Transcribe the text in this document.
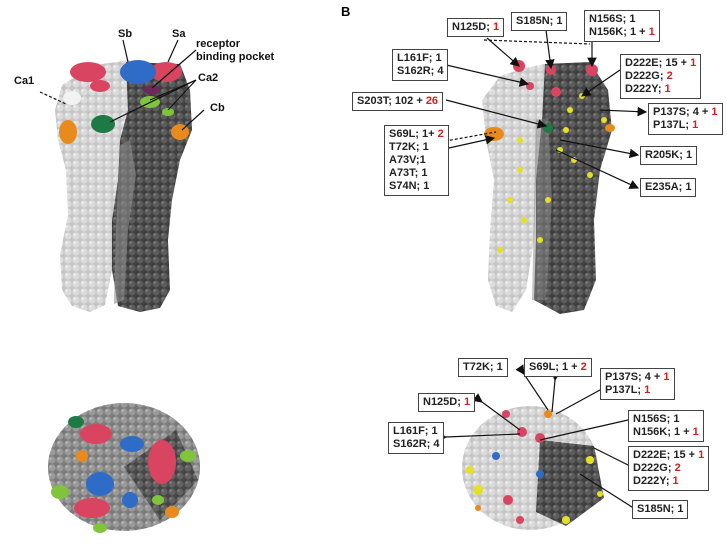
B
Sb	Sa
receptor
binding pocket
Ca1	Ca2
Cb
N125D; 1	S185N; 1	N156S; 1
N156K; 1 + 1
L161F; 1
S162R; 4
D222E; 15 + 1
D222G; 2
D222Y; 1
S203T; 102 + 26
P137S; 4 + 1
P137L; 1
S69L; 1+ 2
T72K; 1
A73V;1
A73T; 1
S74N; 1
R205K; 1
E235A; 1
T72K; 1	S69L; 1 + 2
P137S; 4 + 1
P137L; 1
N125D; 1
N156S; 1
N156K; 1 + 1
L161F; 1
S162R; 4
D222E; 15 + 1
D222G; 2
D222Y; 1
S185N; 1
